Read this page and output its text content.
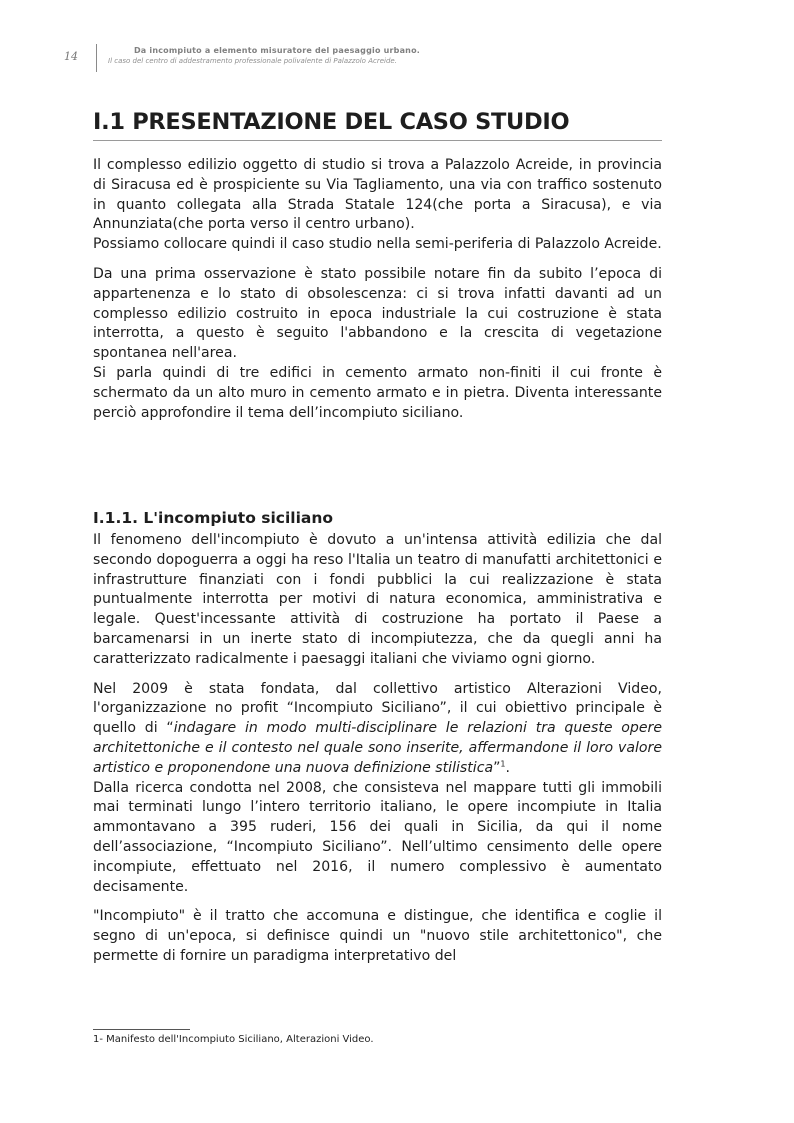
14	Da incompiuto a elemento misuratore del paesaggio urbano.
Il caso del centro di addestramento professionale polivalente di Palazzolo Acreide.
I.1 PRESENTAZIONE DEL CASO STUDIO

Il complesso edilizio oggetto di studio si trova a Palazzolo Acreide, in provincia di Siracusa ed è prospiciente su Via Tagliamento, una via con traffico sostenuto in quanto collegata alla Strada Statale 124(che porta a Siracusa), e via Annunziata(che porta verso il centro urbano).

Possiamo collocare quindi il caso studio nella semi-periferia di Palazzolo Acreide.

Da una prima osservazione è stato possibile notare fin da subito l’epoca di appartenenza e lo stato di obsolescenza: ci si trova infatti davanti ad un complesso edilizio costruito in epoca industriale la cui costruzione è stata interrotta, a questo è seguito l'abbandono e la crescita di vegetazione spontanea nell'area.

Si parla quindi di tre edifici in cemento armato non-finiti il cui fronte è schermato da un alto muro in cemento armato e in pietra. Diventa interessante perciò approfondire il tema dell’incompiuto siciliano.

I.1.1. L'incompiuto siciliano

Il fenomeno dell'incompiuto è dovuto a un'intensa attività edilizia che dal secondo dopoguerra a oggi ha reso l'Italia un teatro di manufatti architettonici e infrastrutture finanziati con i fondi pubblici la cui realizzazione è stata puntualmente interrotta per motivi di natura economica, amministrativa e legale. Quest'incessante attività di costruzione ha portato il Paese a barcamenarsi in un inerte stato di incompiutezza, che da quegli anni ha caratterizzato radicalmente i paesaggi italiani che viviamo ogni giorno.

Nel 2009 è stata fondata, dal collettivo artistico Alterazioni Video, l'organizzazione no profit “Incompiuto Siciliano”, il cui obiettivo principale è quello di “indagare in modo multi-disciplinare le relazioni tra queste opere architettoniche e il contesto nel quale sono inserite, affermandone il loro valore artistico e proponendone una nuova definizione stilistica”$^1$.

Dalla ricerca condotta nel 2008, che consisteva nel mappare tutti gli immobili mai terminati lungo l’intero territorio italiano, le opere incompiute in Italia ammontavano a 395 ruderi, 156 dei quali in Sicilia, da qui il nome dell’associazione, “Incompiuto Siciliano”. Nell’ultimo censimento delle opere incompiute, effettuato nel 2016, il numero complessivo è aumentato decisamente.

"Incompiuto" è il tratto che accomuna e distingue, che identifica e coglie il segno di un'epoca, si definisce quindi un "nuovo stile architettonico", che permette di fornire un paradigma interpretativo del

1- Manifesto dell'Incompiuto Siciliano, Alterazioni Video.
